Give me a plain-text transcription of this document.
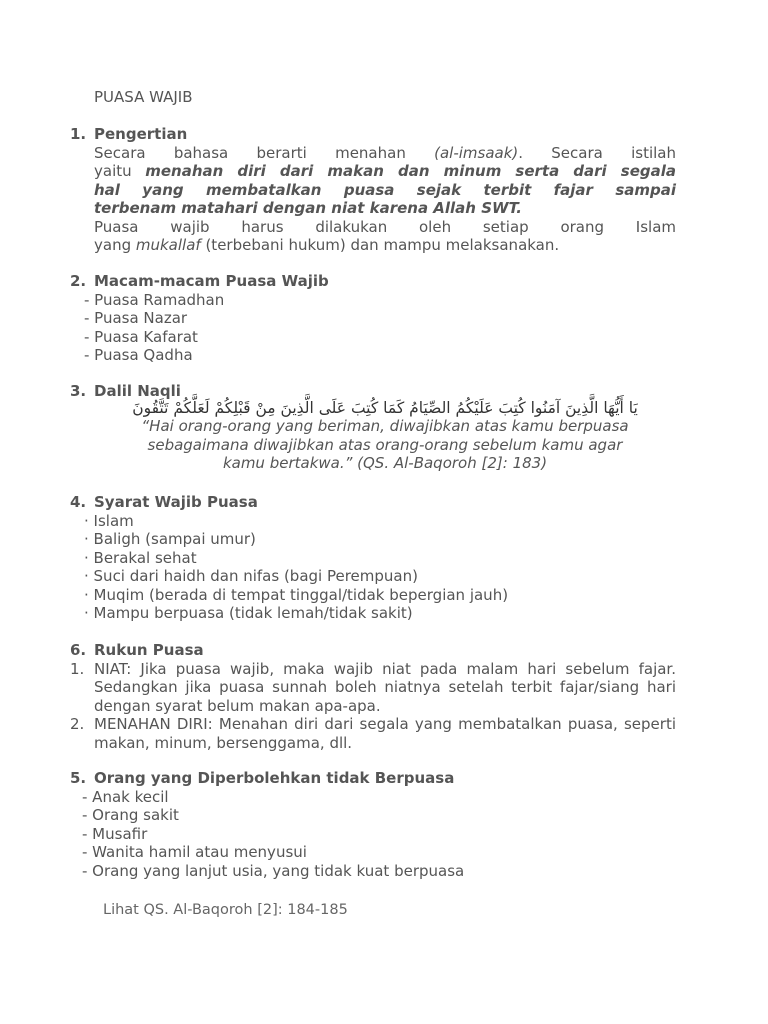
PUASA WAJIB
1. Pengertian
Secara bahasa berarti menahan (al-imsaak). Secara istilah
yaitu menahan diri dari makan dan minum serta dari segala
hal yang membatalkan puasa sejak terbit fajar sampai
terbenam matahari dengan niat karena Allah SWT.
Puasa wajib harus dilakukan oleh setiap orang Islam
yang mukallaf (terbebani hukum) dan mampu melaksanakan.
2. Macam-macam Puasa Wajib
- Puasa Ramadhan
- Puasa Nazar
- Puasa Kafarat
- Puasa Qadha
3. Dalil Naqli
يَا أَيُّهَا الَّذِينَ آمَنُوا كُتِبَ عَلَيْكُمُ الصِّيَامُ كَمَا كُتِبَ عَلَى الَّذِينَ مِنْ قَبْلِكُمْ لَعَلَّكُمْ تَتَّقُونَ
“Hai orang-orang yang beriman, diwajibkan atas kamu berpuasa
sebagaimana diwajibkan atas orang-orang sebelum kamu agar
kamu bertakwa.” (QS. Al-Baqoroh [2]: 183)
4. Syarat Wajib Puasa
· Islam
· Baligh (sampai umur)
· Berakal sehat
· Suci dari haidh dan nifas (bagi Perempuan)
· Muqim (berada di tempat tinggal/tidak bepergian jauh)
· Mampu berpuasa (tidak lemah/tidak sakit)
6. Rukun Puasa
1. NIAT: Jika puasa wajib, maka wajib niat pada malam hari sebelum fajar. Sedangkan jika puasa sunnah boleh niatnya setelah terbit fajar/siang hari dengan syarat belum makan apa-apa.
2. MENAHAN DIRI: Menahan diri dari segala yang membatalkan puasa, seperti makan, minum, bersenggama, dll.
5. Orang yang Diperbolehkan tidak Berpuasa
- Anak kecil
- Orang sakit
- Musafir
- Wanita hamil atau menyusui
- Orang yang lanjut usia, yang tidak kuat berpuasa
Lihat QS. Al-Baqoroh [2]: 184-185
